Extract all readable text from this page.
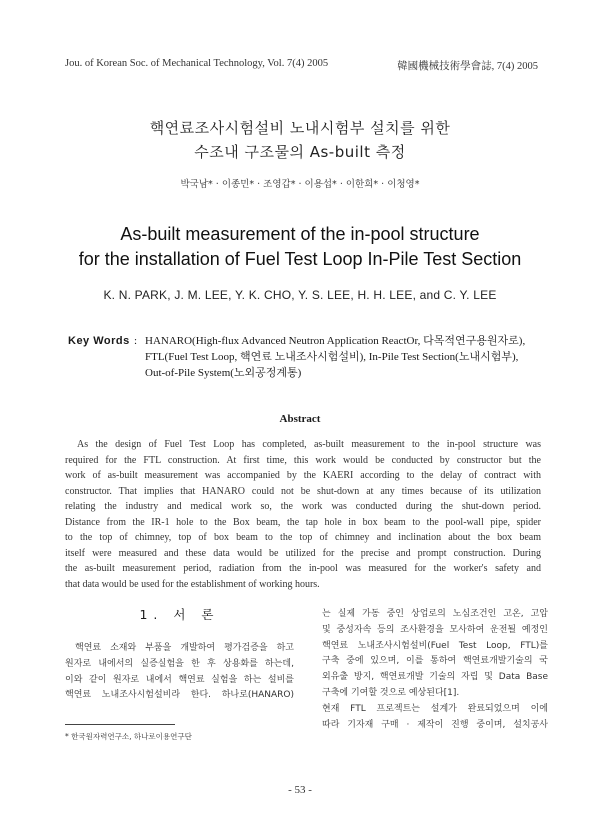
Jou. of Korean Soc. of Mechanical Technology, Vol. 7(4) 2005	韓國機械技術學會誌, 7(4) 2005
핵연료조사시험설비 노내시험부 설치를 위한
수조내 구조물의 As-built 측정
박국남* · 이종민* · 조영갑* · 이용섭* · 이한희* · 이청영*
As-built measurement of the in-pool structure
for the installation of Fuel Test Loop In-Pile Test Section
K. N. PARK, J. M. LEE, Y. K. CHO, Y. S. LEE, H. H. LEE, and C. Y. LEE
Key Words : HANARO(High-flux Advanced Neutron Application ReactOr, 다목적연구용원자로),
FTL(Fuel Test Loop, 핵연료 노내조사시험설비), In-Pile Test Section(노내시험부),
Out-of-Pile System(노외공정계통)
Abstract
As the design of Fuel Test Loop has completed, as-built measurement to the in-pool structure was
required for the FTL construction. At first time, this work would be conducted by constructor but the
work of as-built measurement was accompanied by the KAERI according to the delay of contract with
constructor. That implies that HANARO could not be shut-down at any times because of its utilization
relating the industry and medical work so, the work was conducted during the shut-down period.
Distance from the IR-1 hole to the Box beam, the tap hole in box beam to the pool-wall pipe, spider
to the top of chimney, top of box beam to the top of chimney and inclination about the box beam
itself were measured and these data would be utilized for the precise and prompt construction. During
the as-built measurement period, radiation from the in-pool was measured for the worker's safety and
that data would be used for the establishment of working hours.
1. 서 론
핵연료 소재와 부품을 개발하여 평가검증을 하고
원자로 내에서의 실증실험을 한 후 상용화를 하는데,
이와 같이 원자로 내에서 핵연료 실험을 하는 설비를
핵연료 노내조사시험설비라 한다. 하나로(HANARO)
는 실제 가동 중인 상업로의 노심조건인 고온, 고압
및 중성자속 등의 조사환경을 모사하여 운전될 예정인
핵연료 노내조사시험설비(Fuel Test Loop, FTL)를
구축 중에 있으며, 이를 통하여 핵연료개발기술의 국
외유출 방지, 핵연료개발 기술의 자립 및 Data Base
구축에 기여할 것으로 예상된다[1].
현재 FTL 프로젝트는 설계가 완료되었으며 이에
따라 기자재 구매 · 제작이 진행 중이며, 설치공사
* 한국원자력연구소, 하나로이용연구단
- 53 -
